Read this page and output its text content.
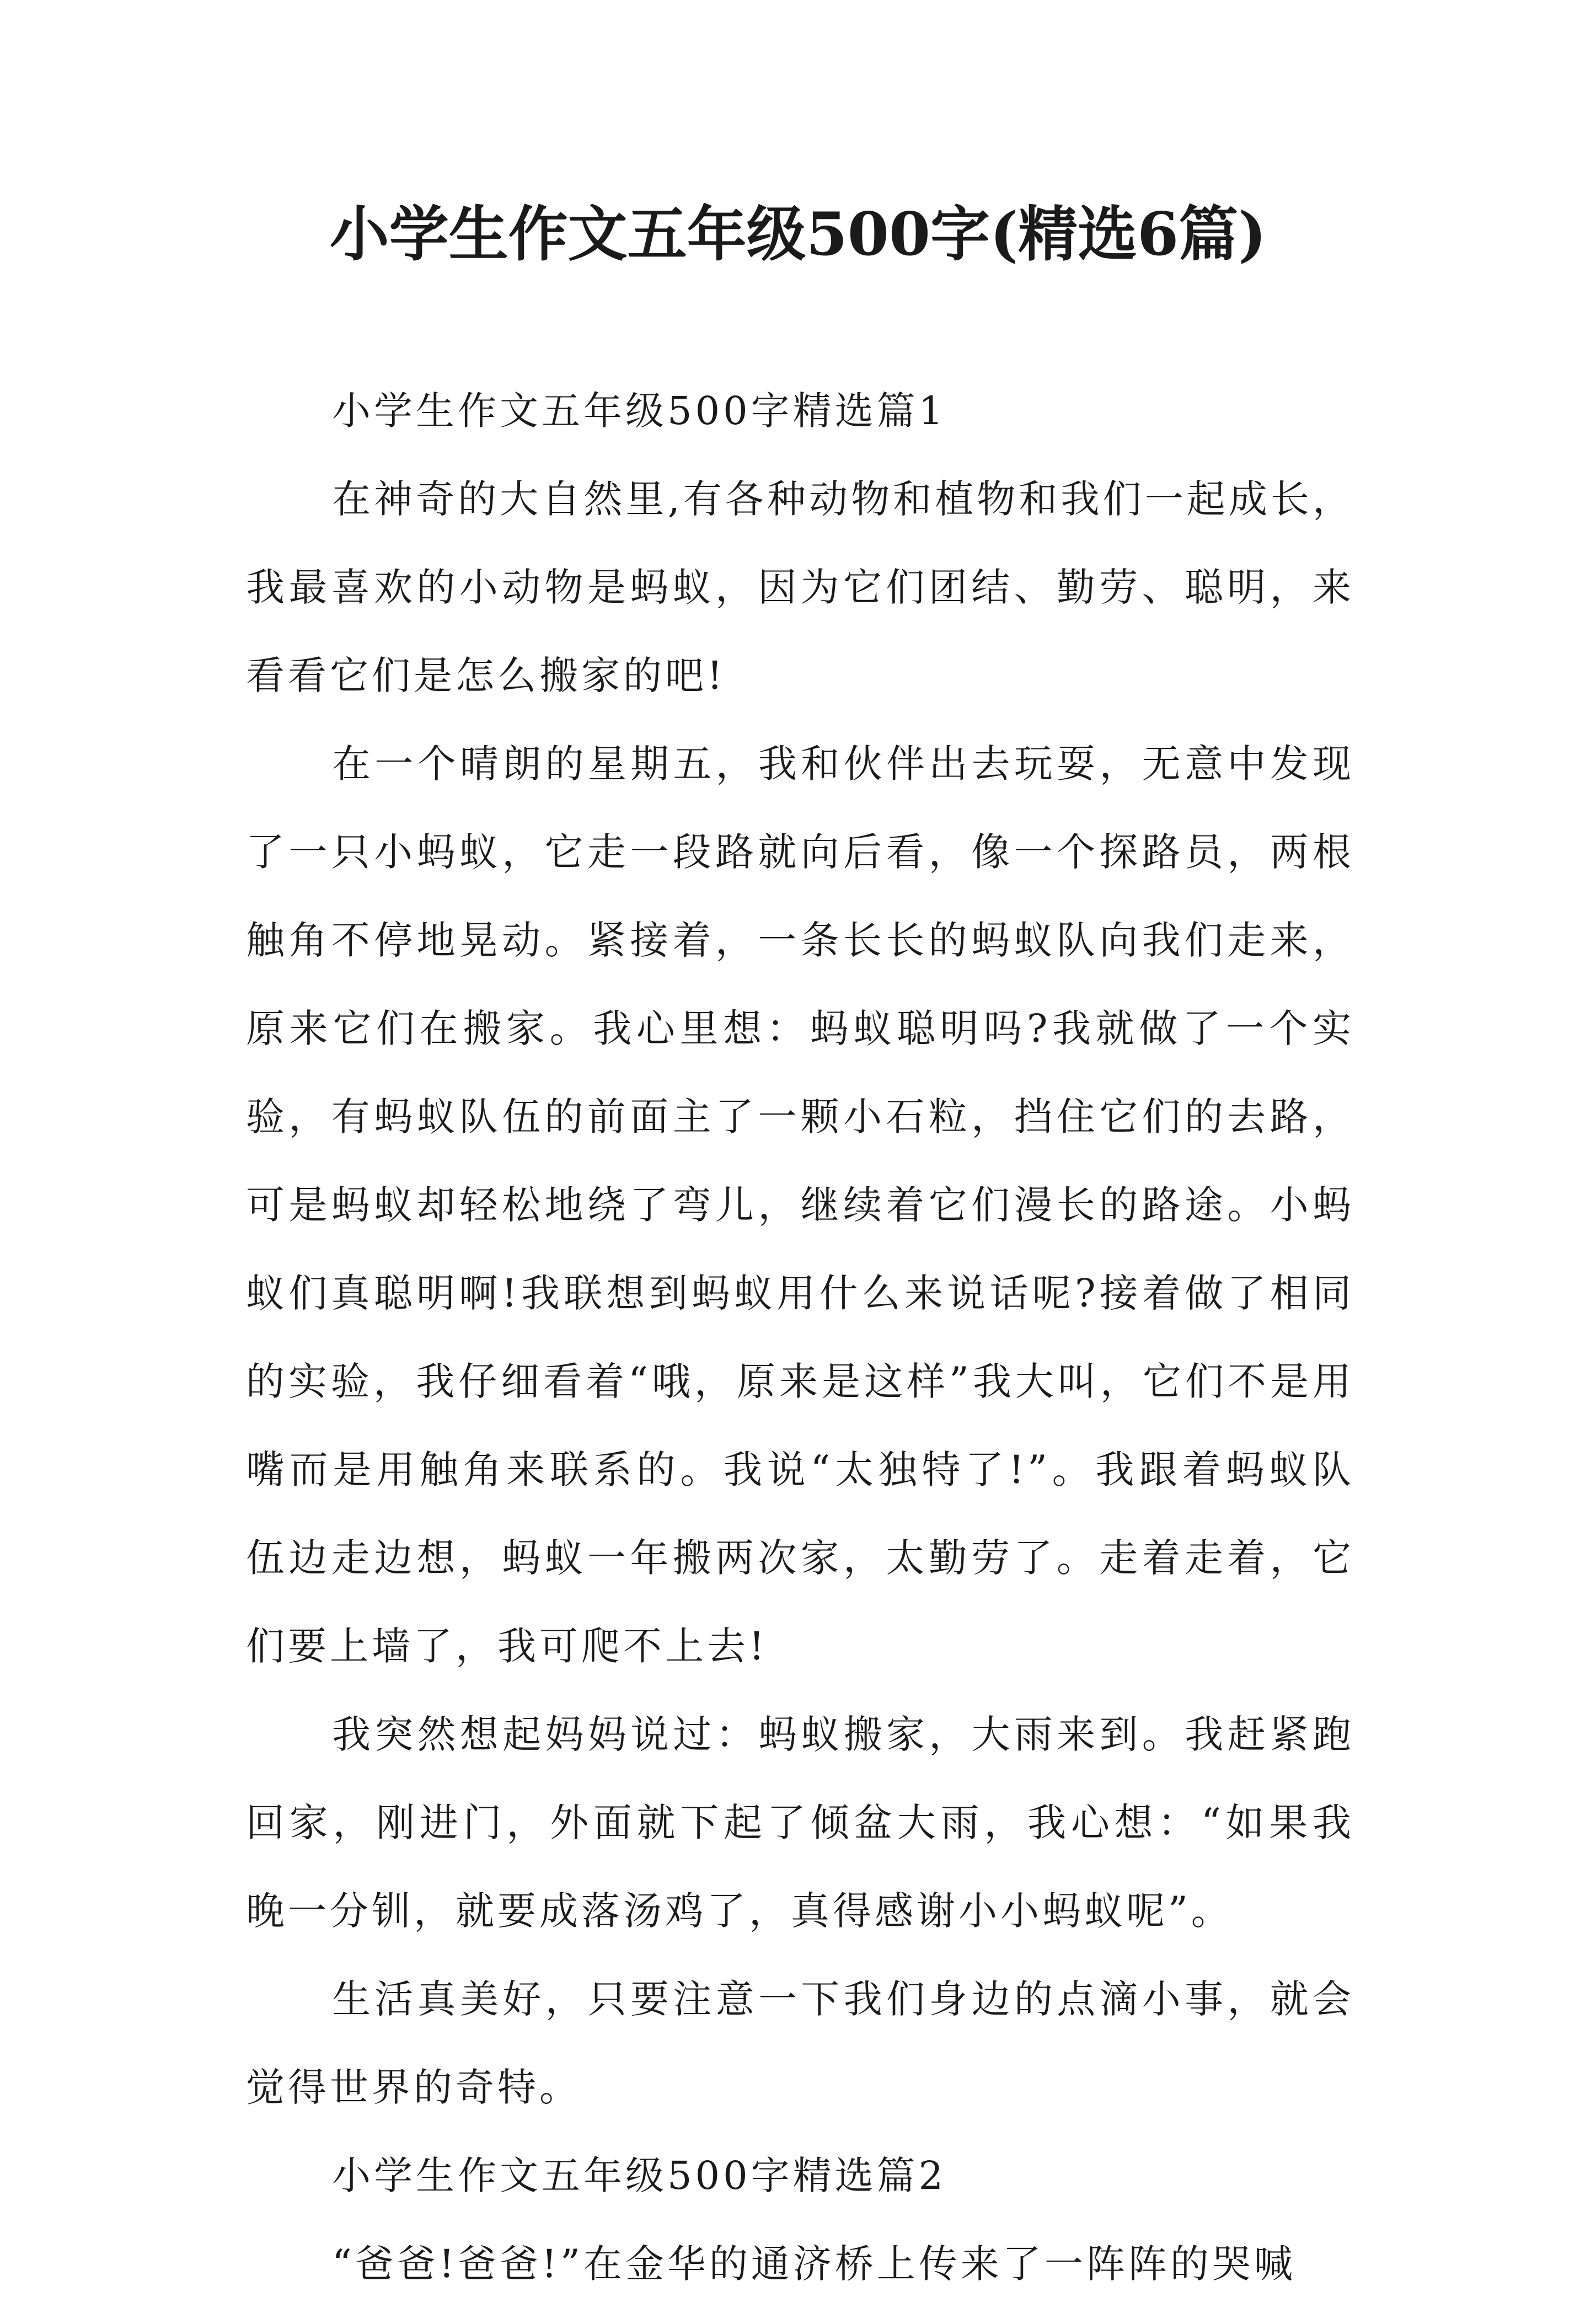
小学生作文五年级500字(精选6篇)

小学生作文五年级500字精选篇1

在神奇的大自然里,有各种动物和植物和我们一起成长，我最喜欢的小动物是蚂蚁，因为它们团结、勤劳、聪明，来看看它们是怎么搬家的吧!

在一个晴朗的星期五，我和伙伴出去玩耍，无意中发现了一只小蚂蚁，它走一段路就向后看，像一个探路员，两根触角不停地晃动。紧接着，一条长长的蚂蚁队向我们走来，原来它们在搬家。我心里想：蚂蚁聪明吗?我就做了一个实验，有蚂蚁队伍的前面主了一颗小石粒，挡住它们的去路，可是蚂蚁却轻松地绕了弯儿，继续着它们漫长的路途。小蚂蚁们真聪明啊!我联想到蚂蚁用什么来说话呢?接着做了相同的实验，我仔细看着“哦，原来是这样”我大叫，它们不是用嘴而是用触角来联系的。我说“太独特了!”。我跟着蚂蚁队伍边走边想，蚂蚁一年搬两次家，太勤劳了。走着走着，它们要上墙了，我可爬不上去!

我突然想起妈妈说过：蚂蚁搬家，大雨来到。我赶紧跑回家，刚进门，外面就下起了倾盆大雨，我心想：“如果我晚一分钏，就要成落汤鸡了，真得感谢小小蚂蚁呢”。

生活真美好，只要注意一下我们身边的点滴小事，就会觉得世界的奇特。

小学生作文五年级500字精选篇2

“爸爸!爸爸!”在金华的通济桥上传来了一阵阵的哭喊
